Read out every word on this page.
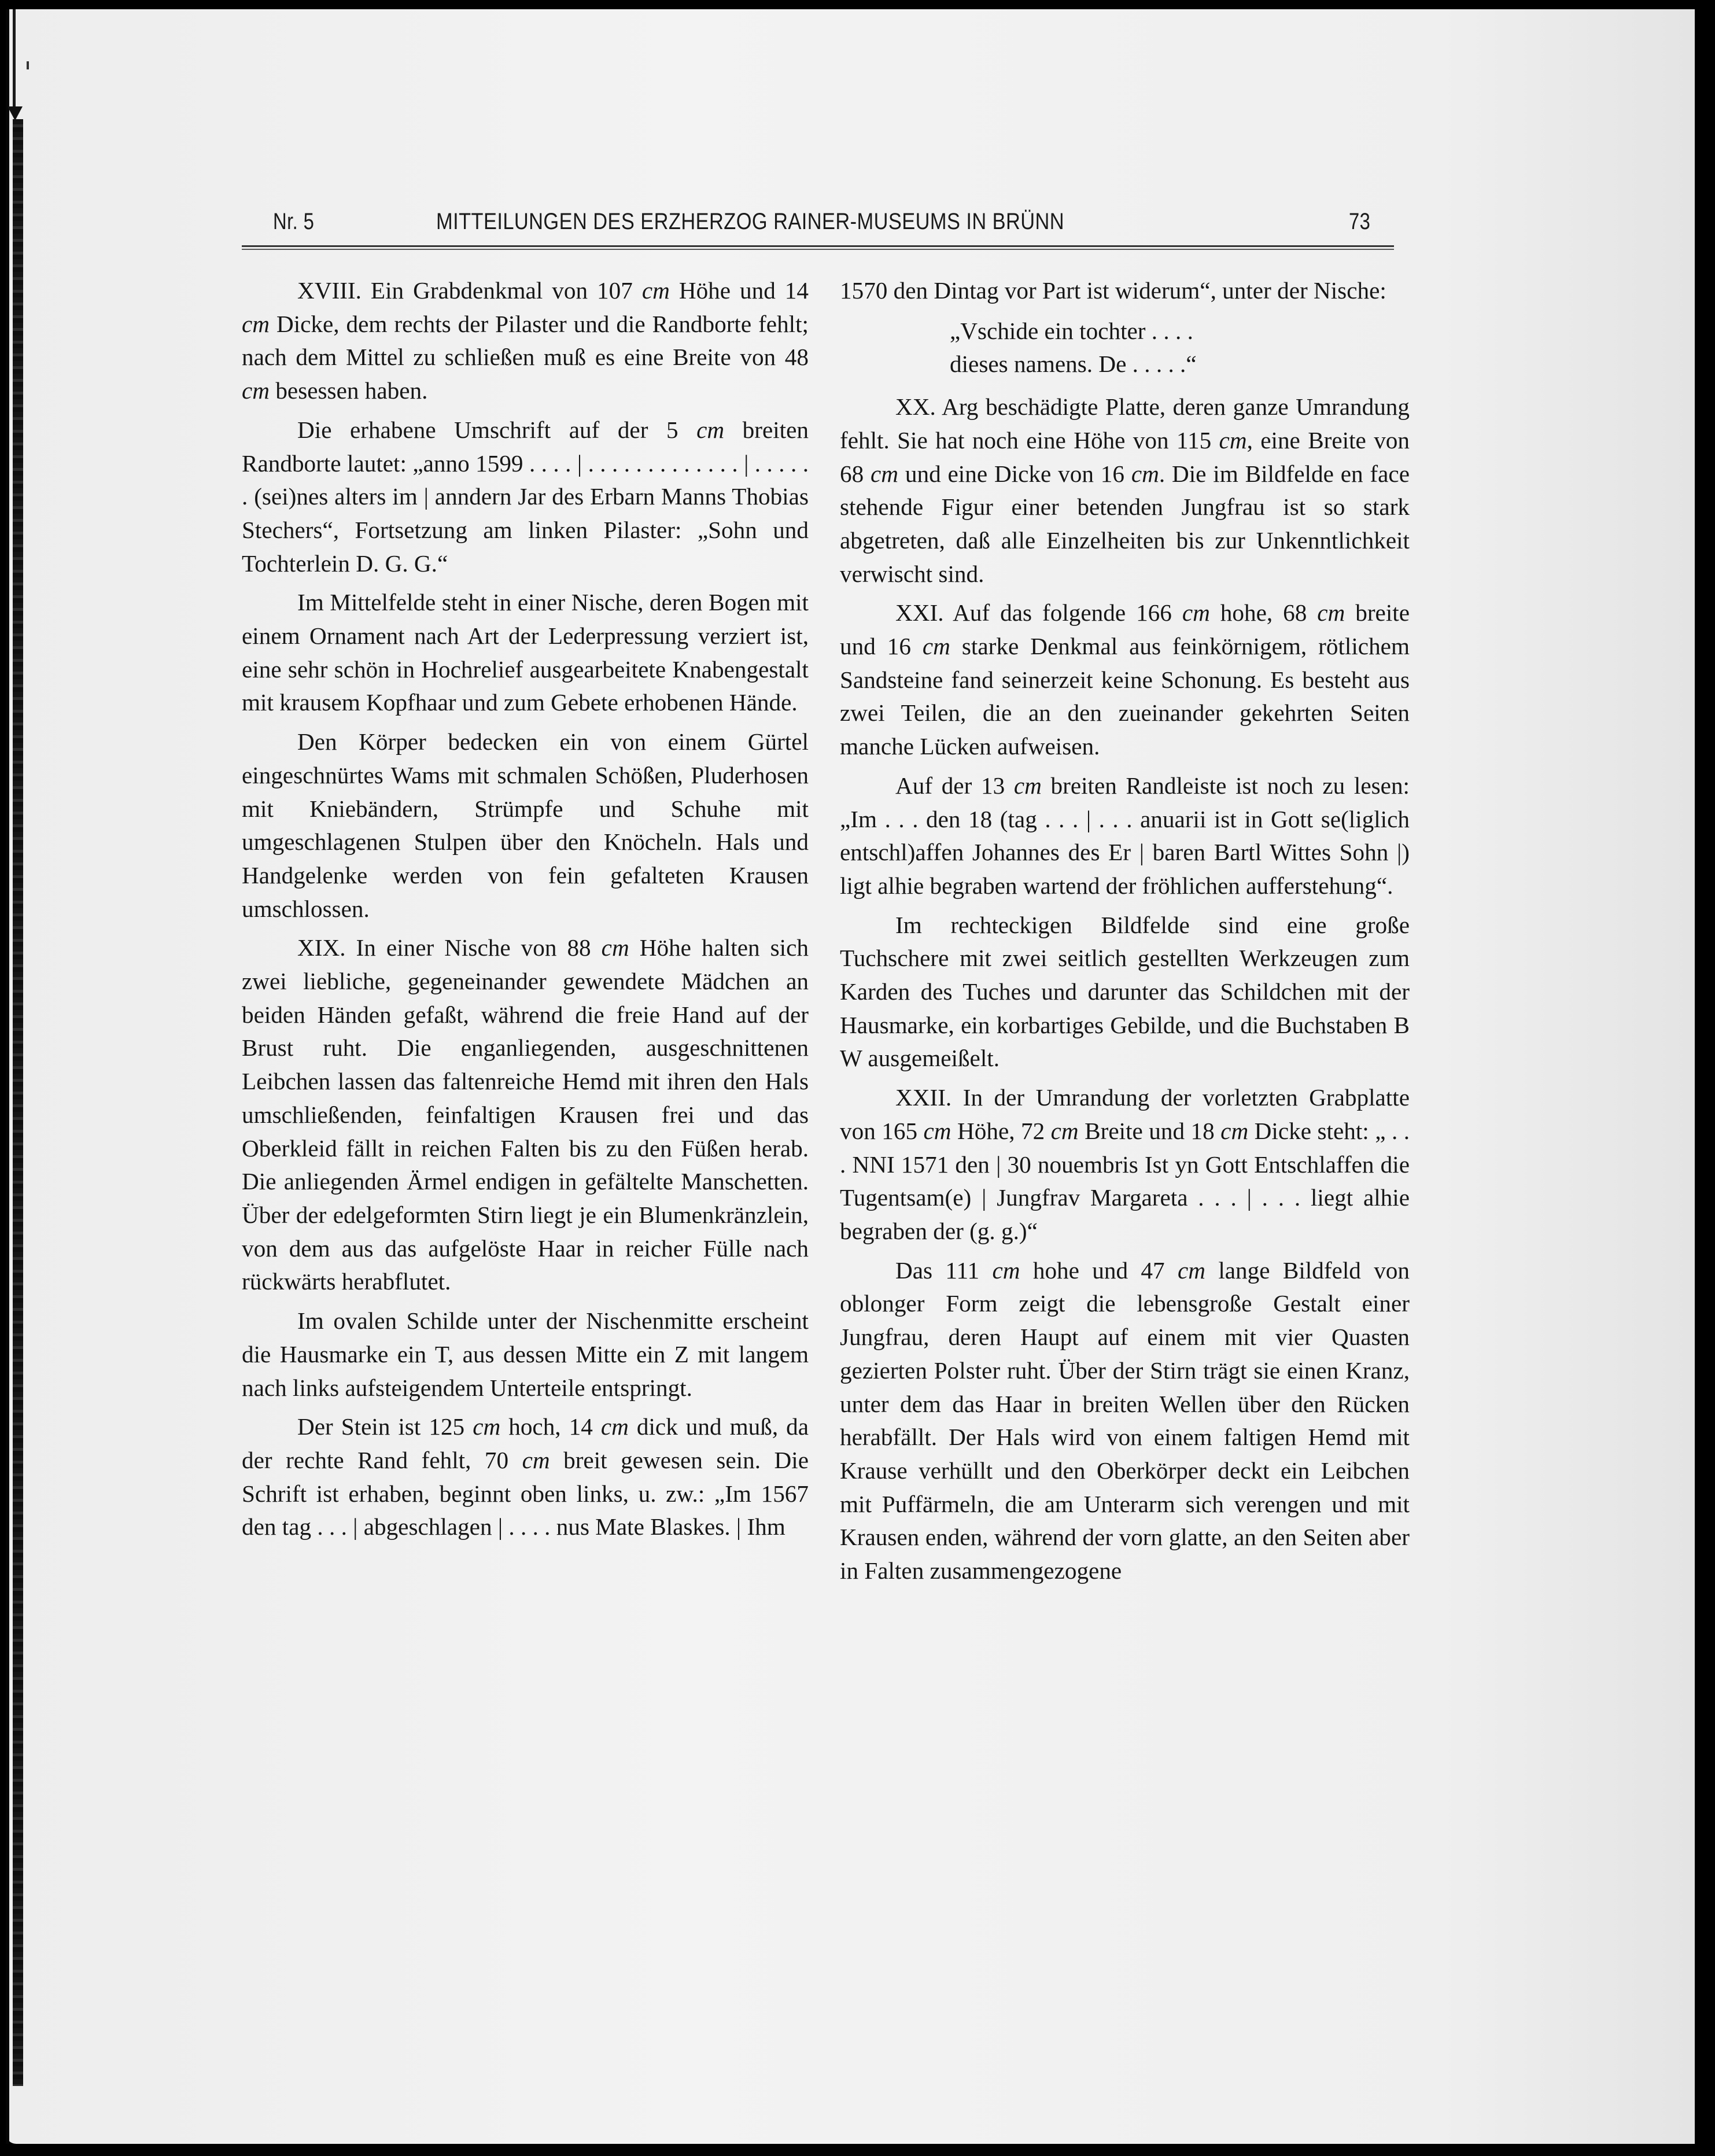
Nr. 5	MITTEILUNGEN DES ERZHERZOG RAINER-MUSEUMS IN BRÜNN	73

XVIII. Ein Grabdenkmal von 107 cm Höhe und 14 cm Dicke, dem rechts der Pilaster und die Randborte fehlt; nach dem Mittel zu schließen muß es eine Breite von 48 cm besessen haben.

Die erhabene Umschrift auf der 5 cm breiten Randborte lautet: „anno 1599 . . . . | . . . . . . . . . . . . . | . . . . . . (sei)nes alters im | anndern Jar des Erbarn Manns Thobias Stechers“, Fortsetzung am linken Pilaster: „Sohn und Tochterlein D. G. G.“

Im Mittelfelde steht in einer Nische, deren Bogen mit einem Ornament nach Art der Lederpressung verziert ist, eine sehr schön in Hochrelief ausgearbeitete Knabengestalt mit krausem Kopfhaar und zum Gebete erhobenen Hände.

Den Körper bedecken ein von einem Gürtel eingeschnürtes Wams mit schmalen Schößen, Pluderhosen mit Kniebändern, Strümpfe und Schuhe mit umgeschlagenen Stulpen über den Knöcheln. Hals und Handgelenke werden von fein gefalteten Krausen umschlossen.

XIX. In einer Nische von 88 cm Höhe halten sich zwei liebliche, gegeneinander gewendete Mädchen an beiden Händen gefaßt, während die freie Hand auf der Brust ruht. Die enganliegenden, ausgeschnittenen Leibchen lassen das faltenreiche Hemd mit ihren den Hals umschließenden, feinfaltigen Krausen frei und das Oberkleid fällt in reichen Falten bis zu den Füßen herab. Die anliegenden Ärmel endigen in gefältelte Manschetten. Über der edelgeformten Stirn liegt je ein Blumenkränzlein, von dem aus das aufgelöste Haar in reicher Fülle nach rückwärts herabflutet.

Im ovalen Schilde unter der Nischenmitte erscheint die Hausmarke ein T, aus dessen Mitte ein Z mit langem nach links aufsteigendem Unterteile entspringt.

Der Stein ist 125 cm hoch, 14 cm dick und muß, da der rechte Rand fehlt, 70 cm breit gewesen sein. Die Schrift ist erhaben, beginnt oben links, u. zw.: „Im 1567 den tag . . . | abgeschlagen | . . . . nus Mate Blaskes. | Ihm

1570 den Dintag vor Part ist widerum“, unter der Nische:

„Vschide ein tochter . . . .
dieses namens. De . . . . .“

XX. Arg beschädigte Platte, deren ganze Umrandung fehlt. Sie hat noch eine Höhe von 115 cm, eine Breite von 68 cm und eine Dicke von 16 cm. Die im Bildfelde en face stehende Figur einer betenden Jungfrau ist so stark abgetreten, daß alle Einzelheiten bis zur Unkenntlichkeit verwischt sind.

XXI. Auf das folgende 166 cm hohe, 68 cm breite und 16 cm starke Denkmal aus feinkörnigem, rötlichem Sandsteine fand seinerzeit keine Schonung. Es besteht aus zwei Teilen, die an den zueinander gekehrten Seiten manche Lücken aufweisen.

Auf der 13 cm breiten Randleiste ist noch zu lesen: „Im . . . den 18 (tag . . . | . . . anuarii ist in Gott se(liglich entschl)affen Johannes des Er | baren Bartl Wittes Sohn |) ligt alhie begraben wartend der fröhlichen aufferstehung“.

Im rechteckigen Bildfelde sind eine große Tuchschere mit zwei seitlich gestellten Werkzeugen zum Karden des Tuches und darunter das Schildchen mit der Hausmarke, ein korbartiges Gebilde, und die Buchstaben B W ausgemeißelt.

XXII. In der Umrandung der vorletzten Grabplatte von 165 cm Höhe, 72 cm Breite und 18 cm Dicke steht: „ . . . NNI 1571 den | 30 nouembris Ist yn Gott Entschlaffen die Tugentsam(e) | Jungfrav Margareta . . . | . . . liegt alhie begraben der (g. g.)“

Das 111 cm hohe und 47 cm lange Bildfeld von oblonger Form zeigt die lebensgroße Gestalt einer Jungfrau, deren Haupt auf einem mit vier Quasten gezierten Polster ruht. Über der Stirn trägt sie einen Kranz, unter dem das Haar in breiten Wellen über den Rücken herabfällt. Der Hals wird von einem faltigen Hemd mit Krause verhüllt und den Oberkörper deckt ein Leibchen mit Puffärmeln, die am Unterarm sich verengen und mit Krausen enden, während der vorn glatte, an den Seiten aber in Falten zusammengezogene
